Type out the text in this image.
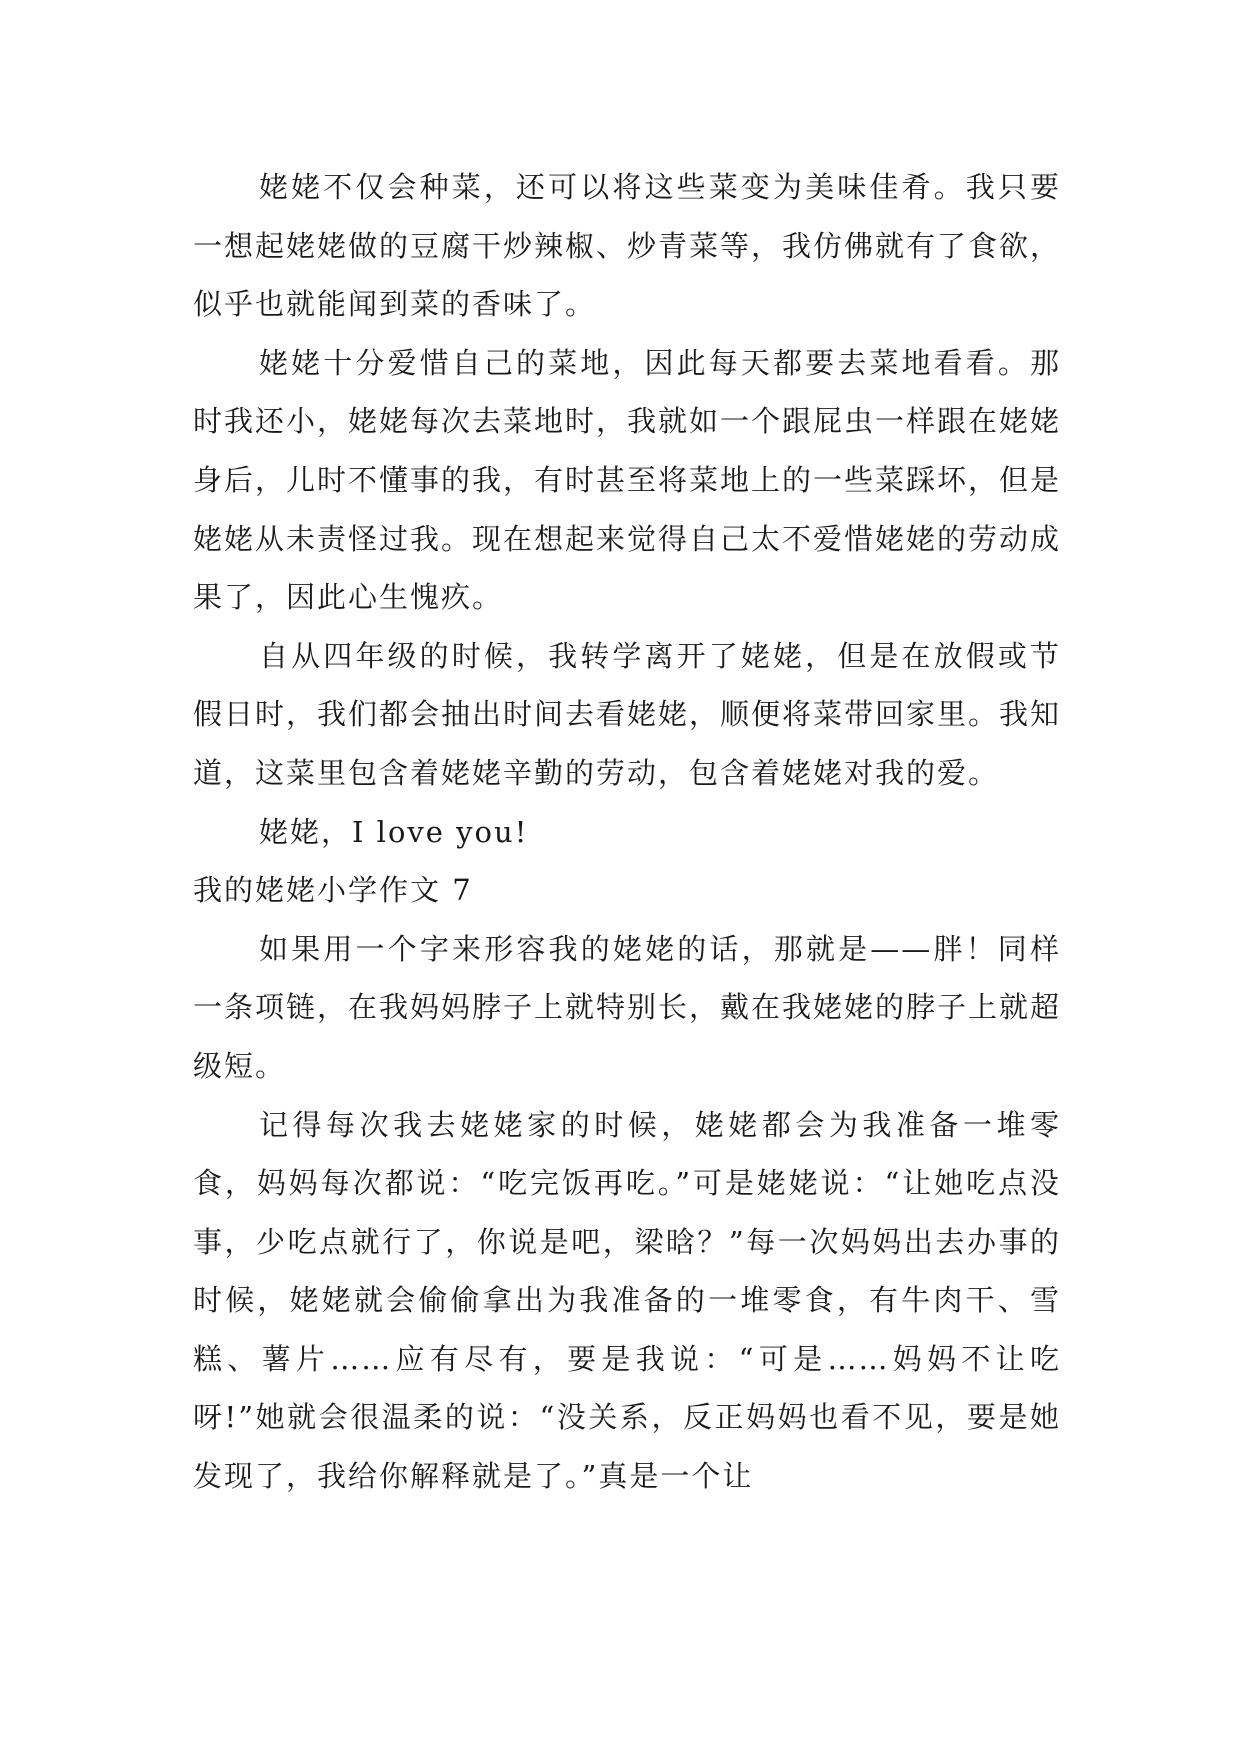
姥姥不仅会种菜，还可以将这些菜变为美味佳肴。我只要一想起姥姥做的豆腐干炒辣椒、炒青菜等，我仿佛就有了食欲，似乎也就能闻到菜的香味了。

姥姥十分爱惜自己的菜地，因此每天都要去菜地看看。那时我还小，姥姥每次去菜地时，我就如一个跟屁虫一样跟在姥姥身后，儿时不懂事的我，有时甚至将菜地上的一些菜踩坏，但是姥姥从未责怪过我。现在想起来觉得自己太不爱惜姥姥的劳动成果了，因此心生愧疚。

自从四年级的时候，我转学离开了姥姥，但是在放假或节假日时，我们都会抽出时间去看姥姥，顺便将菜带回家里。我知道，这菜里包含着姥姥辛勤的劳动，包含着姥姥对我的爱。

姥姥，I love you!

我的姥姥小学作文 7

如果用一个字来形容我的姥姥的话，那就是——胖！同样一条项链，在我妈妈脖子上就特别长，戴在我姥姥的脖子上就超级短。

记得每次我去姥姥家的时候，姥姥都会为我准备一堆零食，妈妈每次都说：“吃完饭再吃。”可是姥姥说：“让她吃点没事，少吃点就行了，你说是吧，梁晗？”每一次妈妈出去办事的时候，姥姥就会偷偷拿出为我准备的一堆零食，有牛肉干、雪糕、薯片……应有尽有，要是我说：“可是……妈妈不让吃呀!”她就会很温柔的说：“没关系，反正妈妈也看不见，要是她发现了，我给你解释就是了。”真是一个让
